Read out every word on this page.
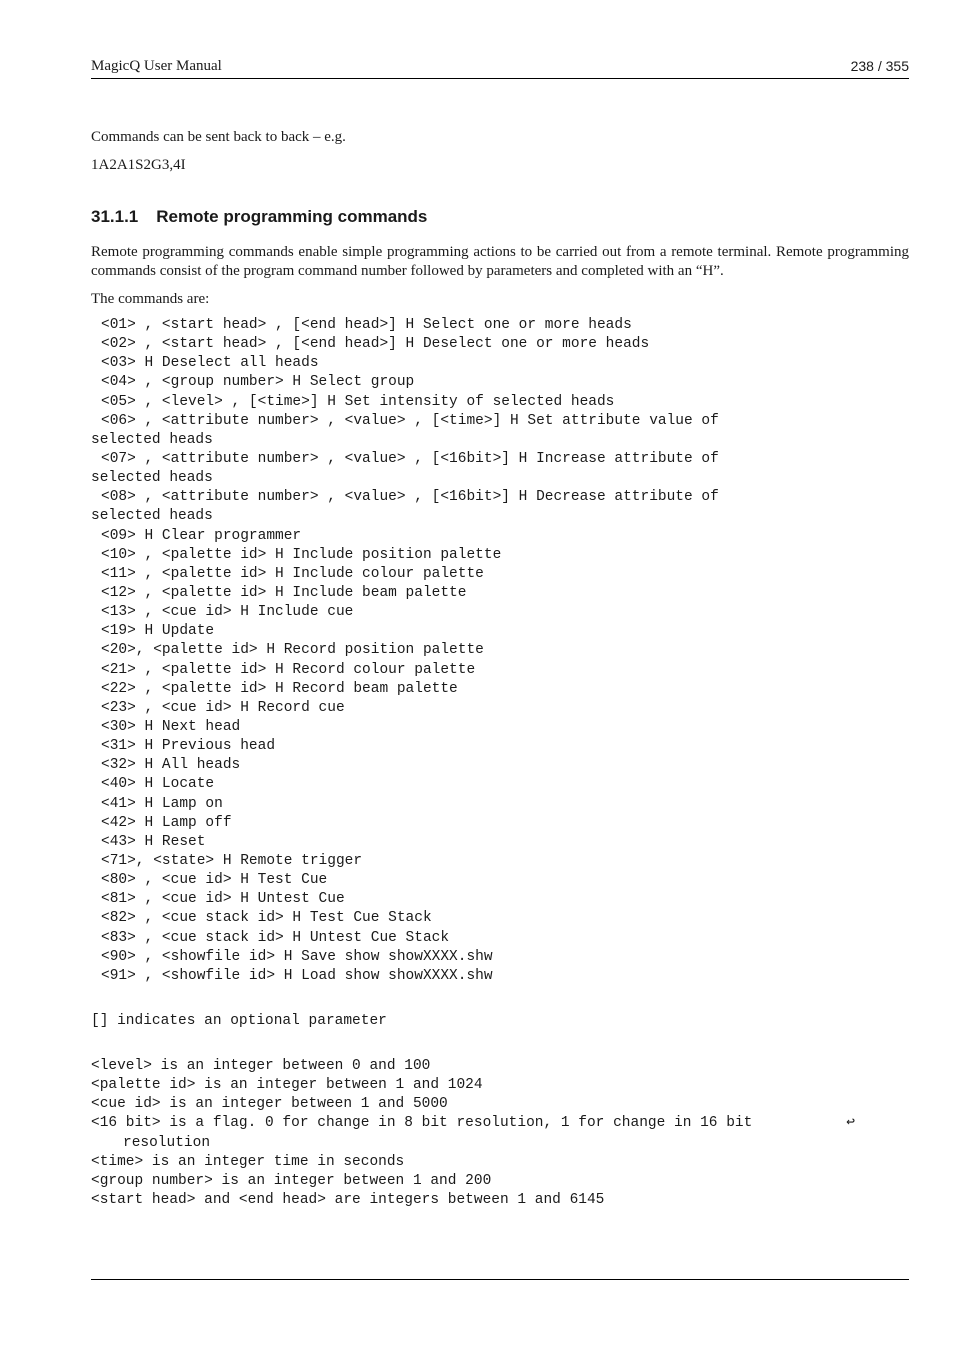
MagicQ User Manual	238 / 355

Commands can be sent back to back – e.g.

1A2A1S2G3,4I

31.1.1 Remote programming commands

Remote programming commands enable simple programming actions to be carried out from a remote terminal. Remote programming commands consist of the program command number followed by parameters and completed with an “H”.

The commands are:

<01> , <start head> , [<end head>] H Select one or more heads
<02> , <start head> , [<end head>] H Deselect one or more heads
<03> H Deselect all heads
<04> , <group number> H Select group
<05> , <level> , [<time>] H Set intensity of selected heads
<06> , <attribute number> , <value> , [<time>] H Set attribute value of
selected heads
<07> , <attribute number> , <value> , [<16bit>] H Increase attribute of
selected heads
<08> , <attribute number> , <value> , [<16bit>] H Decrease attribute of
selected heads
<09> H Clear programmer
<10> , <palette id> H Include position palette
<11> , <palette id> H Include colour palette
<12> , <palette id> H Include beam palette
<13> , <cue id> H Include cue
<19> H Update
<20>, <palette id> H Record position palette
<21> , <palette id> H Record colour palette
<22> , <palette id> H Record beam palette
<23> , <cue id> H Record cue
<30> H Next head
<31> H Previous head
<32> H All heads
<40> H Locate
<41> H Lamp on
<42> H Lamp off
<43> H Reset
<71>, <state> H Remote trigger
<80> , <cue id> H Test Cue
<81> , <cue id> H Untest Cue
<82> , <cue stack id> H Test Cue Stack
<83> , <cue stack id> H Untest Cue Stack
<90> , <showfile id> H Save show showXXXX.shw
<91> , <showfile id> H Load show showXXXX.shw
[] indicates an optional parameter
<level> is an integer between 0 and 100
<palette id> is an integer between 1 and 1024
<cue id> is an integer between 1 and 5000
<16 bit> is a flag. 0 for change in 8 bit resolution, 1 for change in 16 bit	↩
resolution
<time> is an integer time in seconds
<group number> is an integer between 1 and 200
<start head> and <end head> are integers between 1 and 6145
